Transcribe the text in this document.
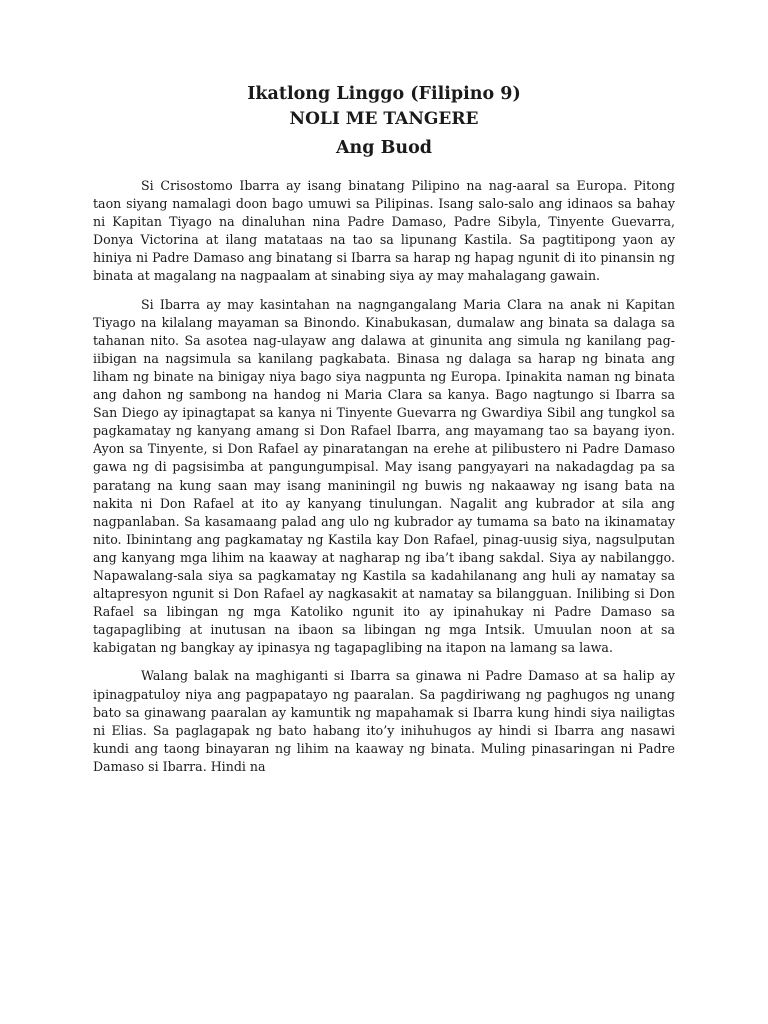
Ikatlong Linggo (Filipino 9)

NOLI ME TANGERE

Ang Buod

Si Crisostomo Ibarra ay isang binatang Pilipino na nag-aaral sa Europa. Pitong taon siyang namalagi doon bago umuwi sa Pilipinas. Isang salo-salo ang idinaos sa bahay ni Kapitan Tiyago na dinaluhan nina Padre Damaso, Padre Sibyla, Tinyente Guevarra, Donya Victorina at ilang matataas na tao sa lipunang Kastila. Sa pagtitipong yaon ay hiniya ni Padre Damaso ang binatang si Ibarra sa harap ng hapag ngunit di ito pinansin ng binata at magalang na nagpaalam at sinabing siya ay may mahalagang gawain.

Si Ibarra ay may kasintahan na nagngangalang Maria Clara na anak ni Kapitan Tiyago na kilalang mayaman sa Binondo. Kinabukasan, dumalaw ang binata sa dalaga sa tahanan nito. Sa asotea nag-ulayaw ang dalawa at ginunita ang simula ng kanilang pag-iibigan na nagsimula sa kanilang pagkabata. Binasa ng dalaga sa harap ng binata ang liham ng binate na binigay niya bago siya nagpunta ng Europa. Ipinakita naman ng binata ang dahon ng sambong na handog ni Maria Clara sa kanya. Bago nagtungo si Ibarra sa San Diego ay ipinagtapat sa kanya ni Tinyente Guevarra ng Gwardiya Sibil ang tungkol sa pagkamatay ng kanyang amang si Don Rafael Ibarra, ang mayamang tao sa bayang iyon. Ayon sa Tinyente, si Don Rafael ay pinaratangan na erehe at pilibustero ni Padre Damaso gawa ng di pagsisimba at pangungumpisal. May isang pangyayari na nakadagdag pa sa paratang na kung saan may isang maniningil ng buwis ng nakaaway ng isang bata na nakita ni Don Rafael at ito ay kanyang tinulungan. Nagalit ang kubrador at sila ang nagpanlaban. Sa kasamaang palad ang ulo ng kubrador ay tumama sa bato na ikinamatay nito. Ibinintang ang pagkamatay ng Kastila kay Don Rafael, pinag-uusig siya, nagsulputan ang kanyang mga lihim na kaaway at nagharap ng iba’t ibang sakdal. Siya ay nabilanggo. Napawalang-sala siya sa pagkamatay ng Kastila sa kadahilanang ang huli ay namatay sa altapresyon ngunit si Don Rafael ay nagkasakit at namatay sa bilangguan. Inilibing si Don Rafael sa libingan ng mga Katoliko ngunit ito ay ipinahukay ni Padre Damaso sa tagapaglibing at inutusan na ibaon sa libingan ng mga Intsik. Umuulan noon at sa kabigatan ng bangkay ay ipinasya ng tagapaglibing na itapon na lamang sa lawa.

Walang balak na maghiganti si Ibarra sa ginawa ni Padre Damaso at sa halip ay ipinagpatuloy niya ang pagpapatayo ng paaralan. Sa pagdiriwang ng paghugos ng unang bato sa ginawang paaralan ay kamuntik ng mapahamak si Ibarra kung hindi siya nailigtas ni Elias. Sa paglagapak ng bato habang ito’y inihuhugos ay hindi si Ibarra ang nasawi kundi ang taong binayaran ng lihim na kaaway ng binata. Muling pinasaringan ni Padre Damaso si Ibarra. Hindi na
